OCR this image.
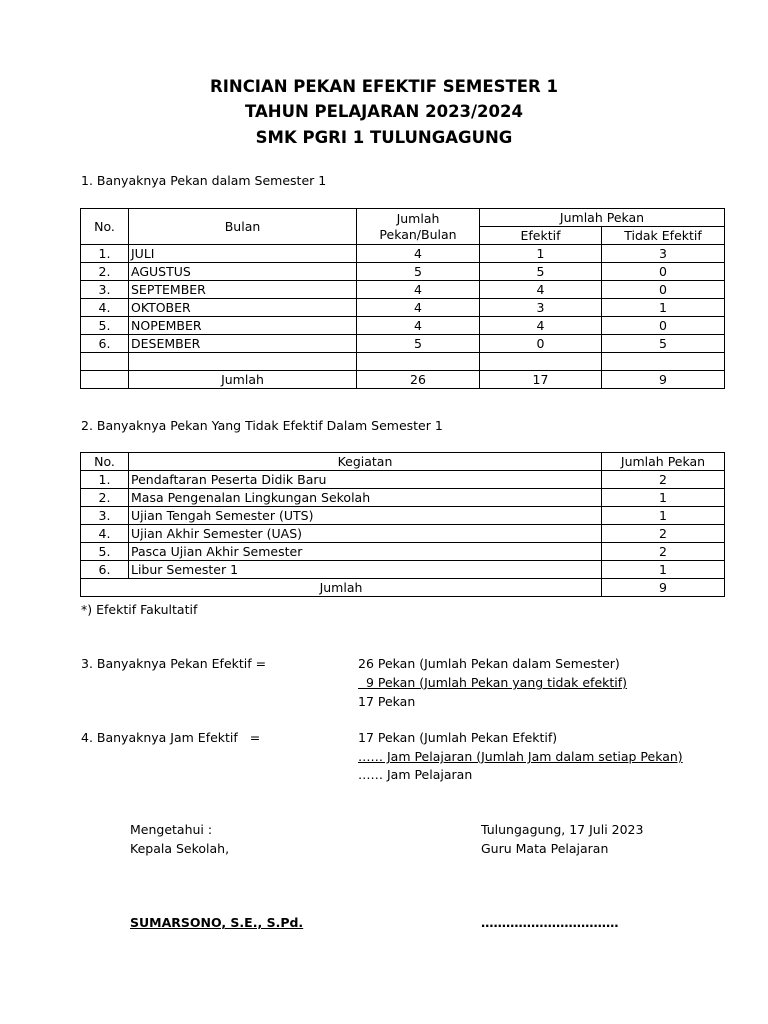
RINCIAN PEKAN EFEKTIF SEMESTER 1
TAHUN PELAJARAN 2023/2024
SMK PGRI 1 TULUNGAGUNG
1. Banyaknya Pekan dalam Semester 1
No.	Bulan	Jumlah Pekan/Bulan	Jumlah Pekan	
			Efektif	Tidak Efektif
1.	JULI	4	1	3
2.	AGUSTUS	5	5	0
3.	SEPTEMBER	4	4	0
4.	OKTOBER	4	3	1
5.	NOPEMBER	4	4	0
6.	DESEMBER	5	0	5

	Jumlah	26	17	9
2. Banyaknya Pekan Yang Tidak Efektif Dalam Semester 1
No.	Kegiatan	Jumlah Pekan
1.	Pendaftaran Peserta Didik Baru	2
2.	Masa Pengenalan Lingkungan Sekolah	1
3.	Ujian Tengah Semester (UTS)	1
4.	Ujian Akhir Semester (UAS)	2
5.	Pasca Ujian Akhir Semester	2
6.	Libur Semester 1	1
Jumlah		9
*) Efektif Fakultatif
3. Banyaknya Pekan Efektif =	26 Pekan (Jumlah Pekan dalam Semester)
9 Pekan (Jumlah Pekan yang tidak efektif)
17 Pekan
4. Banyaknya Jam Efektif   =	17 Pekan (Jumlah Pekan Efektif)
…… Jam Pelajaran (Jumlah Jam dalam setiap Pekan)
…… Jam Pelajaran
Mengetahui :
Kepala Sekolah,
SUMARSONO, S.E., S.Pd.
Tulungagung, 17 Juli 2023
Guru Mata Pelajaran
……………………………
